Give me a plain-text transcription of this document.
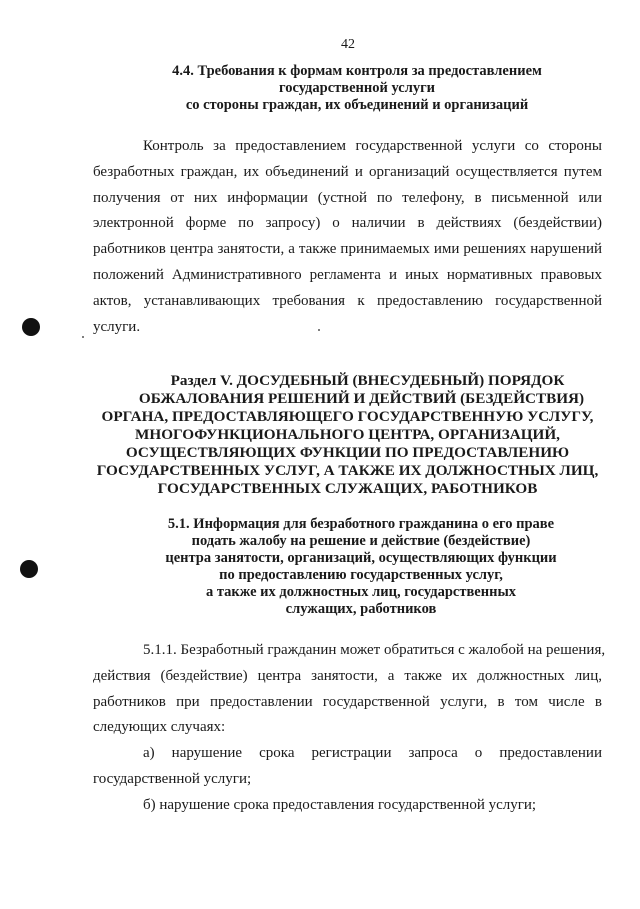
42
4.4. Требования к формам контроля за предоставлением
государственной услуги
со стороны граждан, их объединений и организаций
Контроль за предоставлением государственной услуги со стороны
безработных граждан, их объединений и организаций осуществляется путем
получения от них информации (устной по телефону, в письменной или
электронной форме по запросу) о наличии в действиях (бездействии)
работников центра занятости, а также принимаемых ими решениях нарушений
положений Административного регламента и иных нормативных правовых
актов, устанавливающих требования к предоставлению государственной
услуги.
Раздел V. ДОСУДЕБНЫЙ (ВНЕСУДЕБНЫЙ) ПОРЯДОК
ОБЖАЛОВАНИЯ РЕШЕНИЙ И ДЕЙСТВИЙ (БЕЗДЕЙСТВИЯ)
ОРГАНА, ПРЕДОСТАВЛЯЮЩЕГО ГОСУДАРСТВЕННУЮ УСЛУГУ,
МНОГОФУНКЦИОНАЛЬНОГО ЦЕНТРА, ОРГАНИЗАЦИЙ,
ОСУЩЕСТВЛЯЮЩИХ ФУНКЦИИ ПО ПРЕДОСТАВЛЕНИЮ
ГОСУДАРСТВЕННЫХ УСЛУГ, А ТАКЖЕ ИХ ДОЛЖНОСТНЫХ ЛИЦ,
ГОСУДАРСТВЕННЫХ СЛУЖАЩИХ, РАБОТНИКОВ
5.1. Информация для безработного гражданина о его праве
подать жалобу на решение и действие (бездействие)
центра занятости, организаций, осуществляющих функции
по предоставлению государственных услуг,
а также их должностных лиц, государственных
служащих, работников
5.1.1. Безработный гражданин может обратиться с жалобой на решения,
действия (бездействие) центра занятости, а также их должностных лиц,
работников при предоставлении государственной услуги, в том числе в
следующих случаях:
а) нарушение срока регистрации запроса о предоставлении
государственной услуги;
б) нарушение срока предоставления государственной услуги;
